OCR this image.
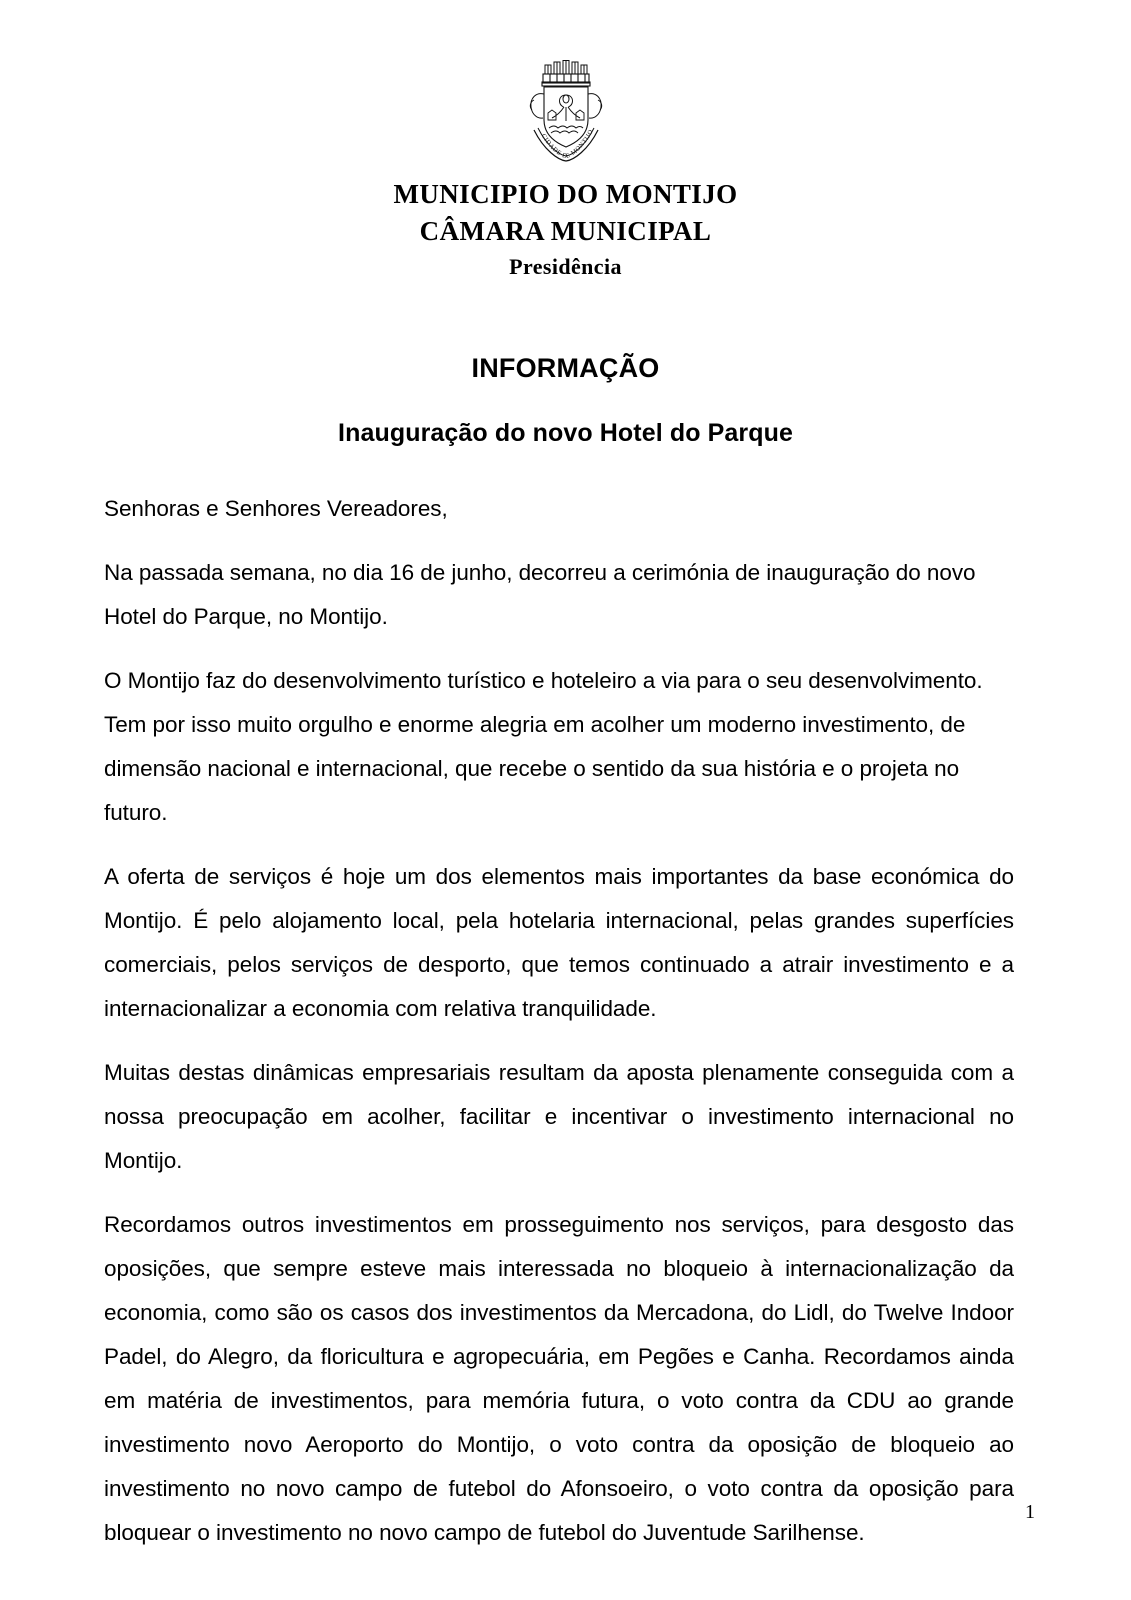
CIDADE DE MONTIJO
MUNICIPIO DO MONTIJO
CÂMARA MUNICIPAL
Presidência
INFORMAÇÃO
Inauguração do novo Hotel do Parque

Senhoras e Senhores Vereadores,

Na passada semana, no dia 16 de junho, decorreu a cerimónia de inauguração do novo Hotel do Parque, no Montijo.

O Montijo faz do desenvolvimento turístico e hoteleiro a via para o seu desenvolvimento. Tem por isso muito orgulho e enorme alegria em acolher um moderno investimento, de dimensão nacional e internacional, que recebe o sentido da sua história e o projeta no futuro.

A oferta de serviços é hoje um dos elementos mais importantes da base económica do Montijo. É pelo alojamento local, pela hotelaria internacional, pelas grandes superfícies comerciais, pelos serviços de desporto, que temos continuado a atrair investimento e a internacionalizar a economia com relativa tranquilidade.

Muitas destas dinâmicas empresariais resultam da aposta plenamente conseguida com a nossa preocupação em acolher, facilitar e incentivar o investimento internacional no Montijo.

Recordamos outros investimentos em prosseguimento nos serviços, para desgosto das oposições, que sempre esteve mais interessada no bloqueio à internacionalização da economia, como são os casos dos investimentos da Mercadona, do Lidl, do Twelve Indoor Padel, do Alegro, da floricultura e agropecuária, em Pegões e Canha. Recordamos ainda em matéria de investimentos, para memória futura, o voto contra da CDU ao grande investimento novo Aeroporto do Montijo, o voto contra da oposição de bloqueio ao investimento no novo campo de futebol do Afonsoeiro, o voto contra da oposição para bloquear o investimento no novo campo de futebol do Juventude Sarilhense.

1
